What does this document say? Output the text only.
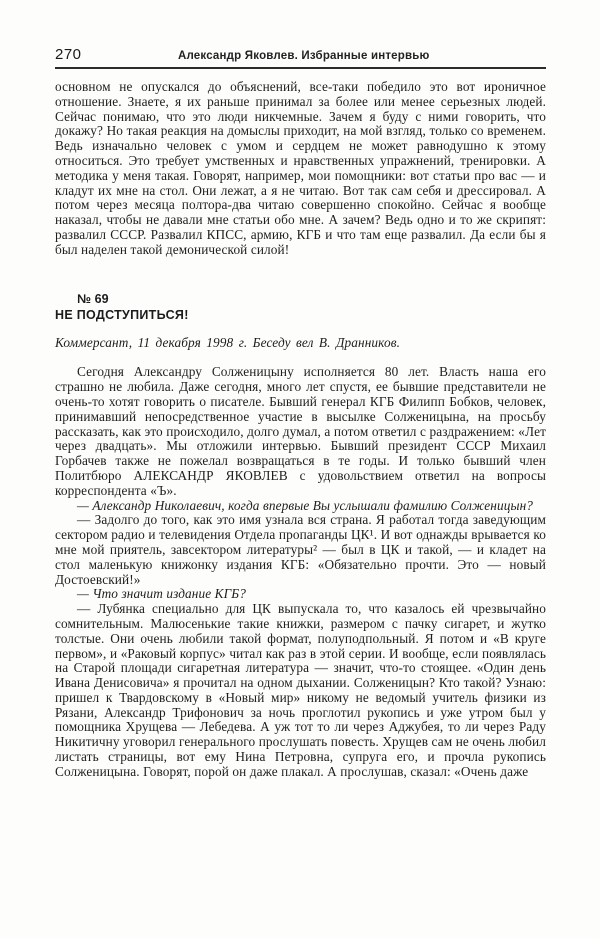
270	Александр Яковлев. Избранные интервью

основном не опускался до объяснений, все-таки победило это вот ироничное отношение. Знаете, я их раньше принимал за более или менее серьезных людей. Сейчас понимаю, что это люди никчемные. Зачем я буду с ними говорить, что докажу? Но такая реакция на домыслы приходит, на мой взгляд, только со временем. Ведь изначально человек с умом и сердцем не может равнодушно к этому относиться. Это требует умственных и нравственных упражнений, тренировки. А методика у меня такая. Говорят, например, мои помощники: вот статьи про вас — и кладут их мне на стол. Они лежат, а я не читаю. Вот так сам себя и дрессировал. А потом через месяца полтора-два читаю совершенно спокойно. Сейчас я вообще наказал, чтобы не давали мне статьи обо мне. А зачем? Ведь одно и то же скрипят: развалил СССР. Развалил КПСС, армию, КГБ и что там еще развалил. Да если бы я был наделен такой демонической силой!

№ 69
НЕ ПОДСТУПИТЬСЯ!

Коммерсант, 11 декабря 1998 г. Беседу вел В. Дранников.

Сегодня Александру Солженицыну исполняется 80 лет. Власть наша его страшно не любила. Даже сегодня, много лет спустя, ее бывшие представители не очень-то хотят говорить о писателе. Бывший генерал КГБ Филипп Бобков, человек, принимавший непосредственное участие в высылке Солженицына, на просьбу рассказать, как это происходило, долго думал, а потом ответил с раздражением: «Лет через двадцать». Мы отложили интервью. Бывший президент СССР Михаил Горбачев также не пожелал возвращаться в те годы. И только бывший член Политбюро АЛЕКСАНДР ЯКОВЛЕВ с удовольствием ответил на вопросы корреспондента «Ъ».

— Александр Николаевич, когда впервые Вы услышали фамилию Солженицын?

— Задолго до того, как это имя узнала вся страна. Я работал тогда заведующим сектором радио и телевидения Отдела пропаганды ЦК¹. И вот однажды врывается ко мне мой приятель, завсектором литературы² — был в ЦК и такой, — и кладет на стол маленькую книжонку издания КГБ: «Обязательно прочти. Это — новый Достоевский!»

— Что значит издание КГБ?

— Лубянка специально для ЦК выпускала то, что казалось ей чрезвычайно сомнительным. Малюсенькие такие книжки, размером с пачку сигарет, и жутко толстые. Они очень любили такой формат, полуподпольный. Я потом и «В круге первом», и «Раковый корпус» читал как раз в этой серии. И вообще, если появлялась на Старой площади сигаретная литература — значит, что-то стоящее. «Один день Ивана Денисовича» я прочитал на одном дыхании. Солженицын? Кто такой? Узнаю: пришел к Твардовскому в «Новый мир» никому не ведомый учитель физики из Рязани, Александр Трифонович за ночь проглотил рукопись и уже утром был у помощника Хрущева — Лебедева. А уж тот то ли через Аджубея, то ли через Раду Никитичну уговорил генерального прослушать повесть. Хрущев сам не очень любил листать страницы, вот ему Нина Петровна, супруга его, и прочла рукопись Солженицына. Говорят, порой он даже плакал. А прослушав, сказал: «Очень даже
